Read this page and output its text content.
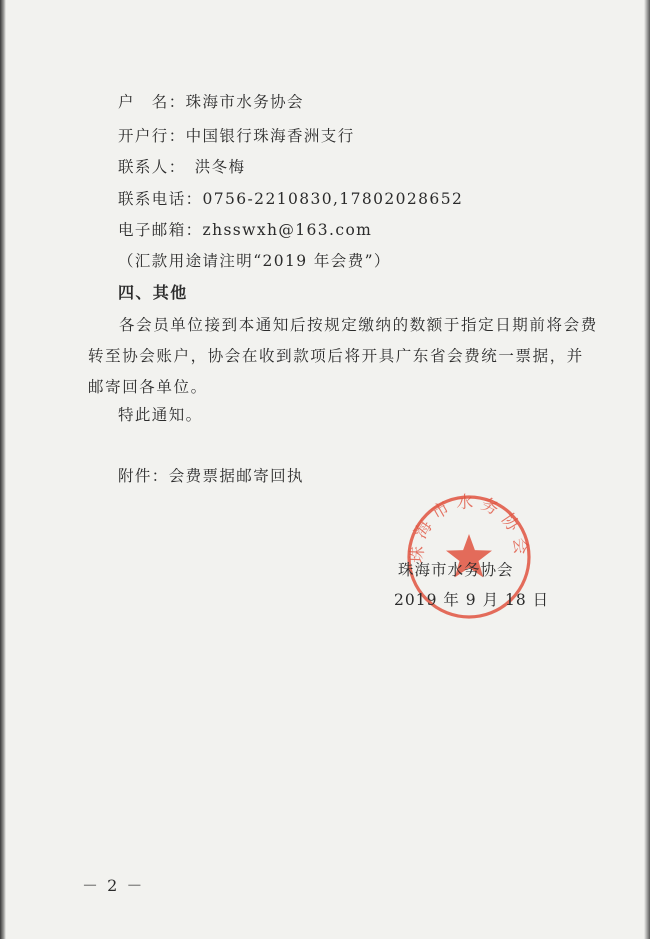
户　名：珠海市水务协会
开户行：中国银行珠海香洲支行
联系人：　洪冬梅
联系电话：0756-2210830,17802028652
电子邮箱：zhsswxh@163.com
（汇款用途请注明“2019 年会费”）
四、其他
各会员单位接到本通知后按规定缴纳的数额于指定日期前将会费转至协会账户，协会在收到款项后将开具广东省会费统一票据，并邮寄回各单位。
特此通知。
附件：会费票据邮寄回执
珠海市水务协会
珠海市水务协会
2019 年 9 月 18 日
－ 2 －
